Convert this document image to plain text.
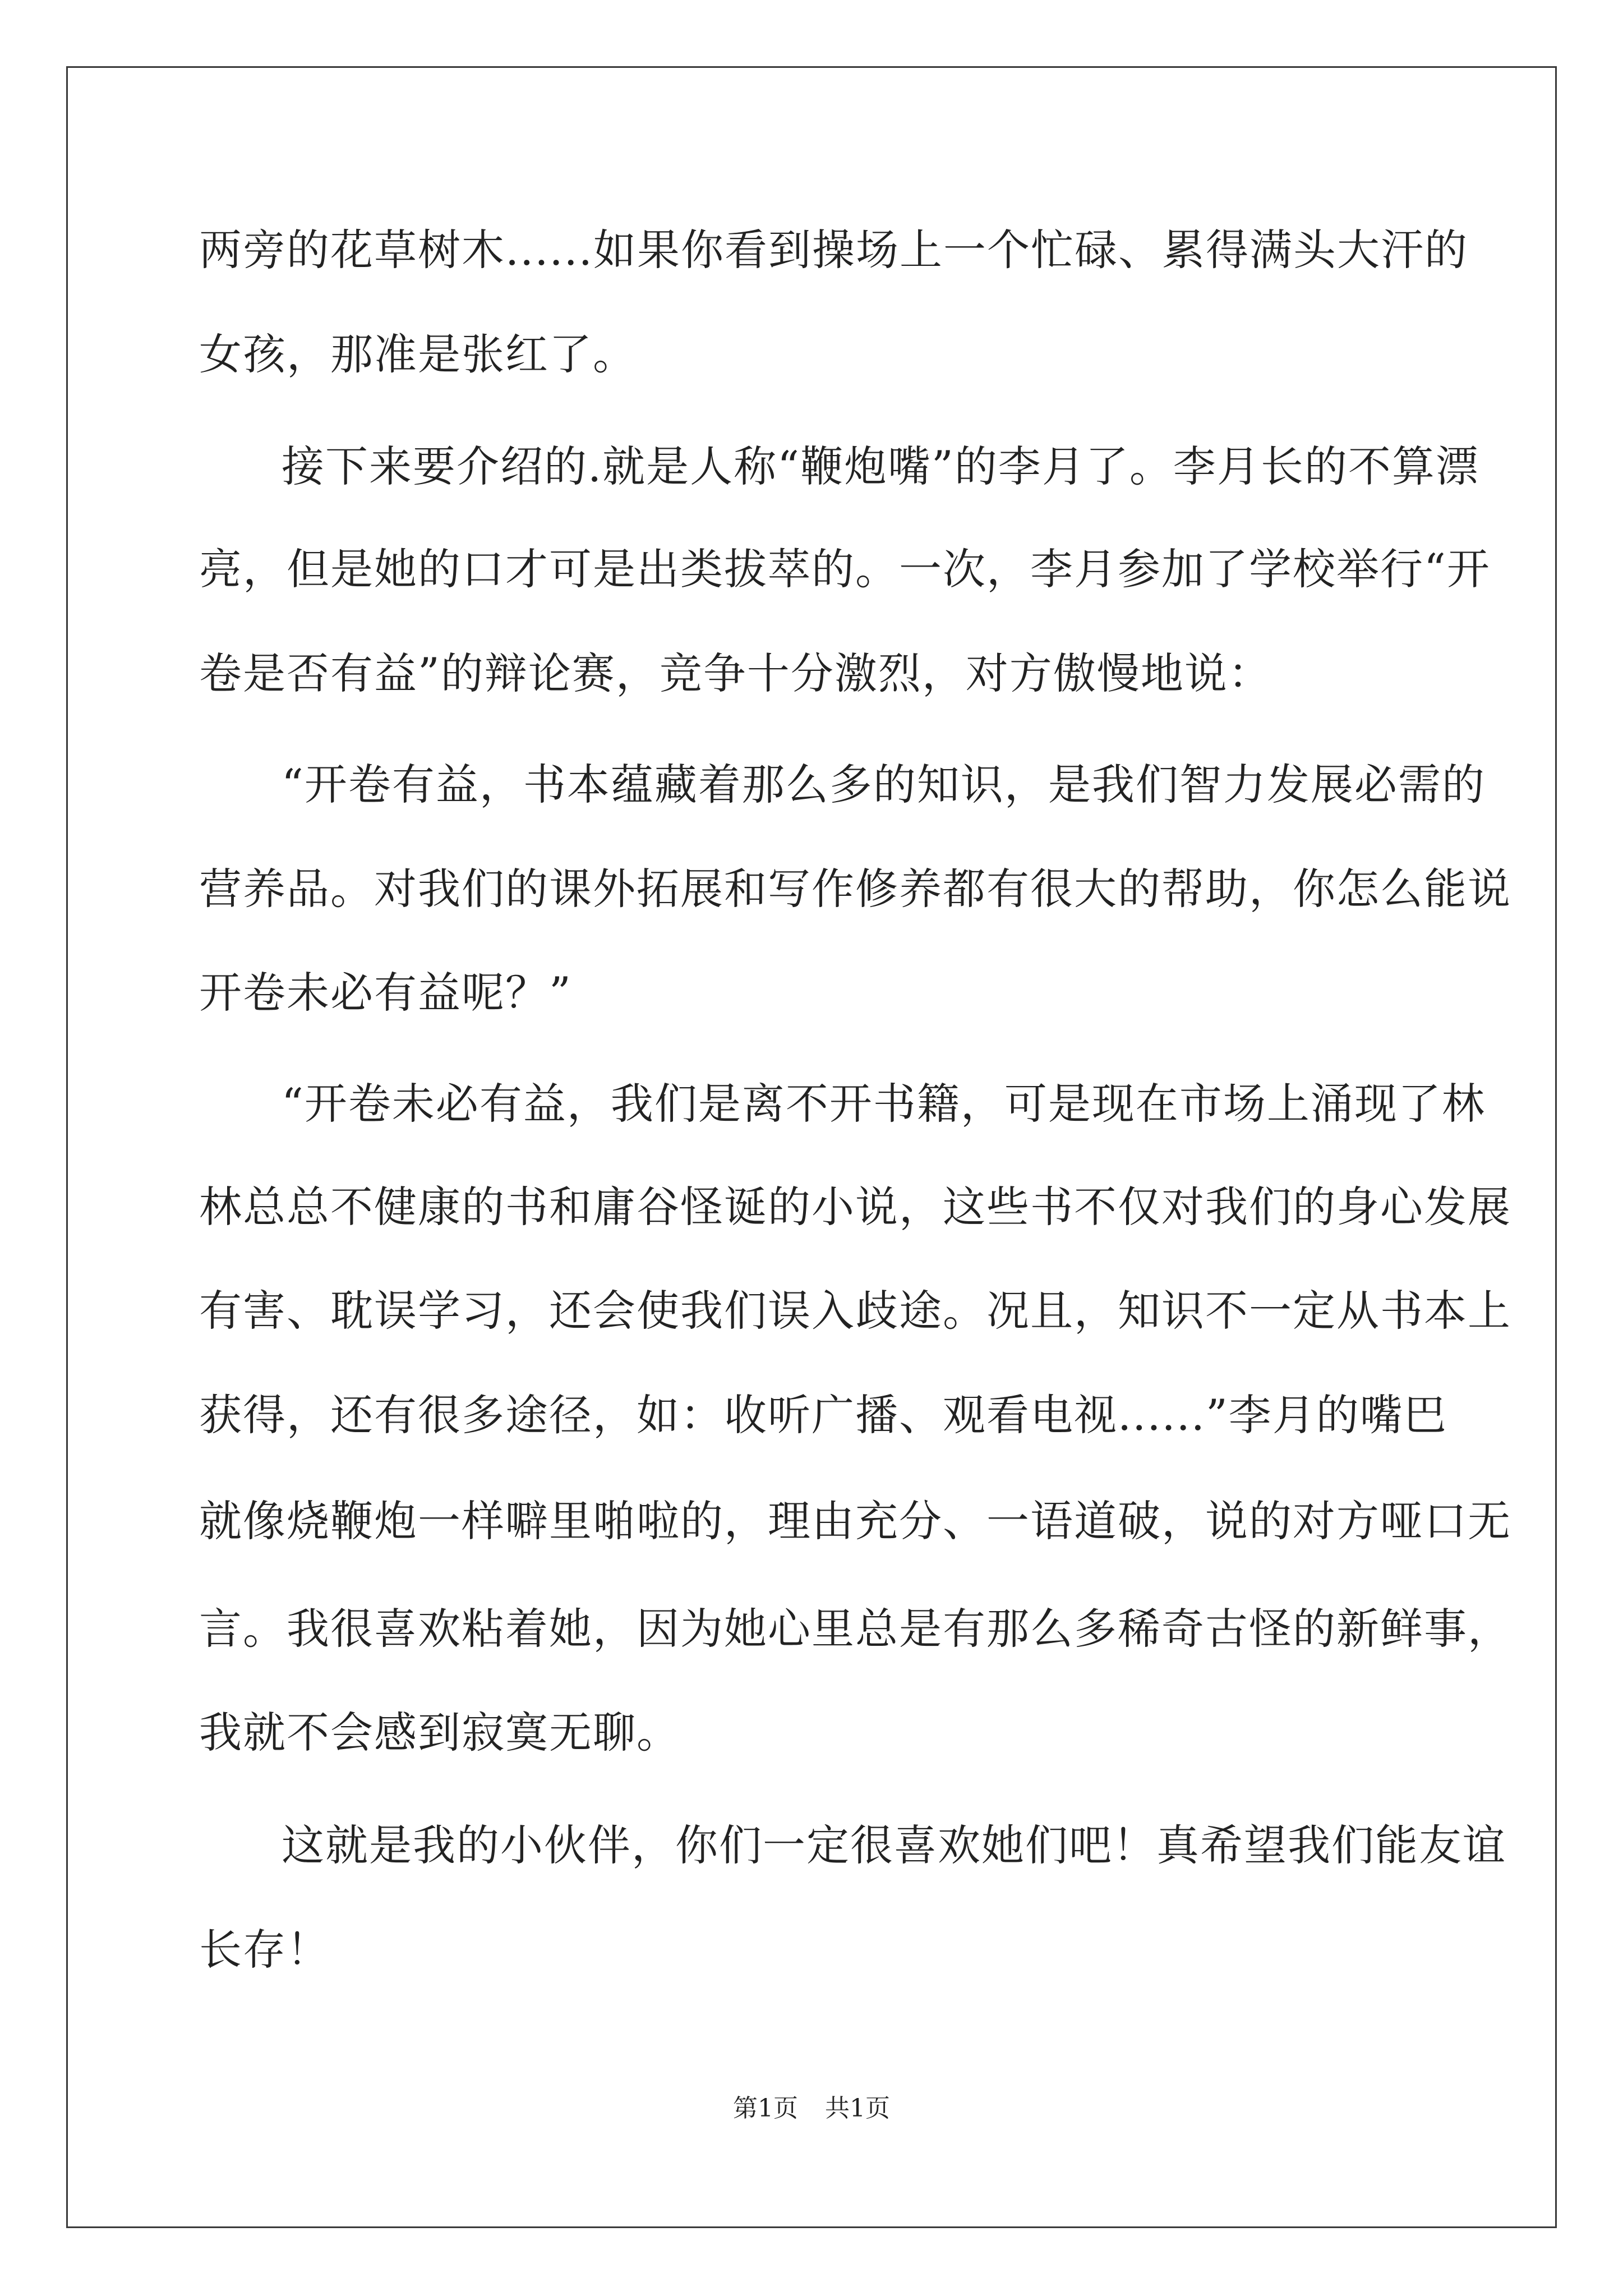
两旁的花草树木......如果你看到操场上一个忙碌、累得满头大汗的

女孩，那准是张红了。

接下来要介绍的.就是人称“鞭炮嘴”的李月了。李月长的不算漂

亮，但是她的口才可是出类拔萃的。一次，李月参加了学校举行“开

卷是否有益”的辩论赛，竞争十分激烈，对方傲慢地说：

“开卷有益，书本蕴藏着那么多的知识，是我们智力发展必需的

营养品。对我们的课外拓展和写作修养都有很大的帮助，你怎么能说

开卷未必有益呢？”

“开卷未必有益，我们是离不开书籍，可是现在市场上涌现了林

林总总不健康的书和庸谷怪诞的小说，这些书不仅对我们的身心发展

有害、耽误学习，还会使我们误入歧途。况且，知识不一定从书本上

获得，还有很多途径，如：收听广播、观看电视......”李月的嘴巴

就像烧鞭炮一样噼里啪啦的，理由充分、一语道破，说的对方哑口无

言。我很喜欢粘着她，因为她心里总是有那么多稀奇古怪的新鲜事，

我就不会感到寂寞无聊。

这就是我的小伙伴，你们一定很喜欢她们吧！真希望我们能友谊

长存！

第1页 共1页
